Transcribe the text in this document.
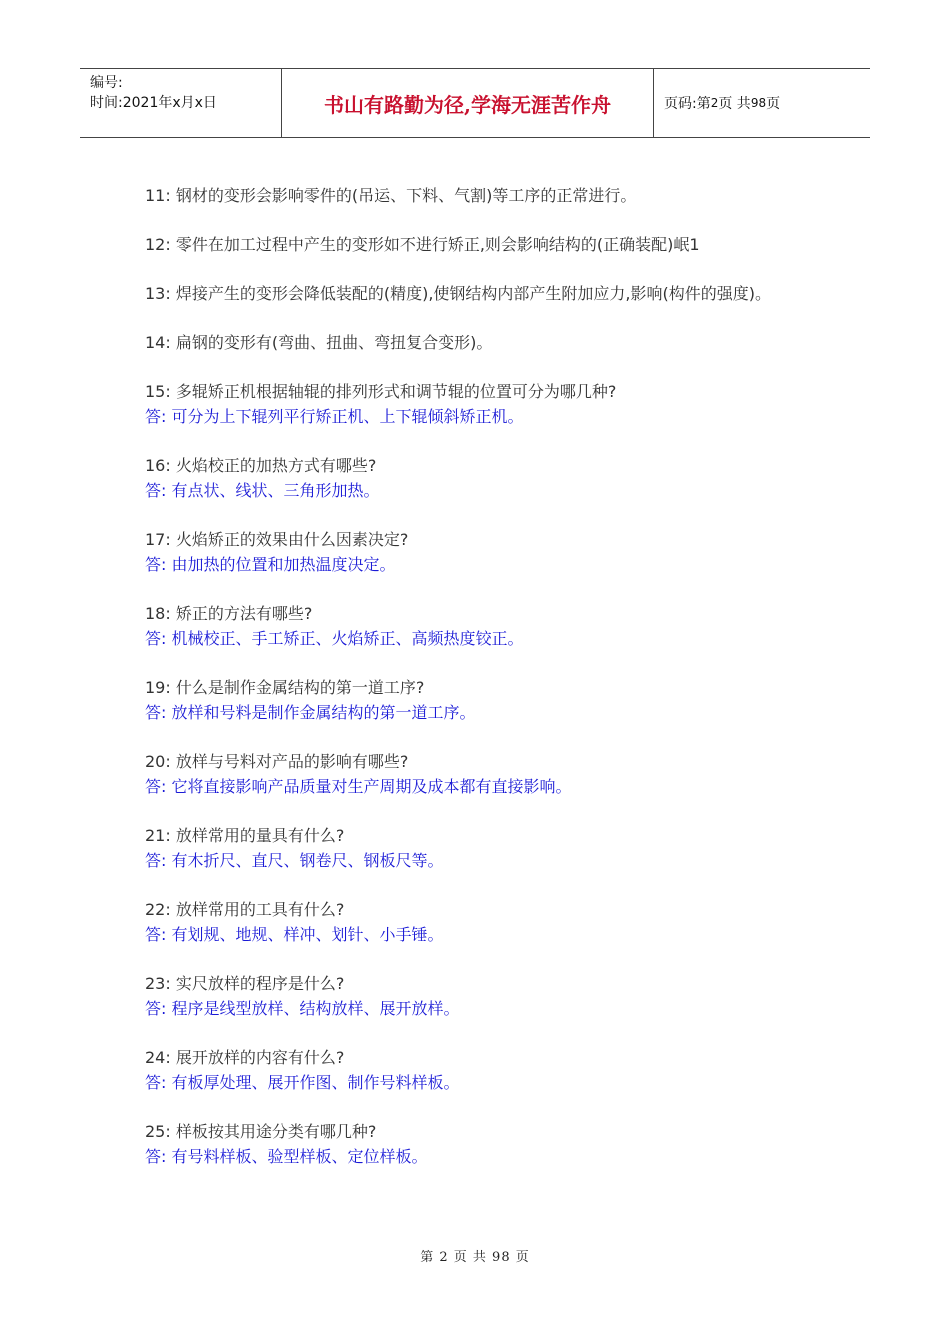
编号:
时间:2021年x月x日	书山有路勤为径,学海无涯苦作舟	页码:第 2 页 共 98 页
11: 钢材的变形会影响零件的(吊运、下料、气割)等工序的正常进行。
12: 零件在加工过程中产生的变形如不进行矫正,则会影响结构的(正确装配)岷1
13: 焊接产生的变形会降低装配的(精度),使钢结构内部产生附加应力,影响(构件的强度)。
14: 扁钢的变形有(弯曲、扭曲、弯扭复合变形)。
15: 多辊矫正机根据轴辊的排列形式和调节辊的位置可分为哪几种?
答: 可分为上下辊列平行矫正机、上下辊倾斜矫正机。
16: 火焰校正的加热方式有哪些?
答: 有点状、线状、三角形加热。
17: 火焰矫正的效果由什么因素决定?
答: 由加热的位置和加热温度决定。
18: 矫正的方法有哪些?
答: 机械校正、手工矫正、火焰矫正、高频热度铰正。
19: 什么是制作金属结构的第一道工序?
答: 放样和号料是制作金属结构的第一道工序。
20: 放样与号料对产品的影响有哪些?
答: 它将直接影响产品质量对生产周期及成本都有直接影响。
21: 放样常用的量具有什么?
答: 有木折尺、直尺、钢卷尺、钢板尺等。
22: 放样常用的工具有什么?
答: 有划规、地规、样冲、划针、小手锤。
23: 实尺放样的程序是什么?
答: 程序是线型放样、结构放样、展开放样。
24: 展开放样的内容有什么?
答: 有板厚处理、展开作图、制作号料样板。
25: 样板按其用途分类有哪几种?
答: 有号料样板、验型样板、定位样板。
第 2 页 共 98 页
